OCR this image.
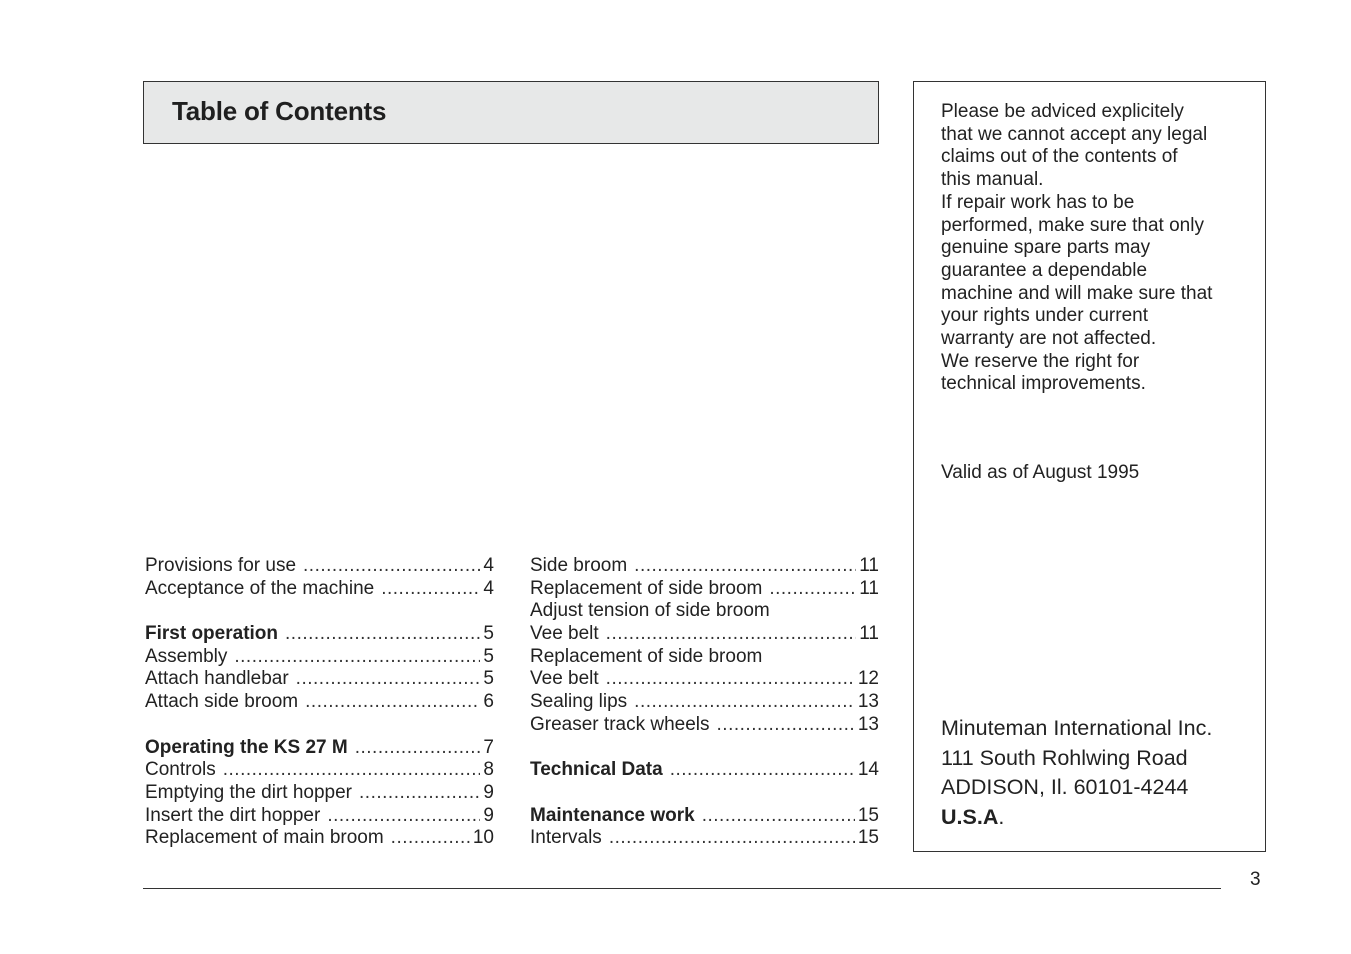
Table of Contents	Please be adviced explicitely
that we cannot accept any legal
claims out of the contents of
this manual.
If repair work has to be
performed, make sure that only
genuine spare parts may
guarantee a dependable
machine and will make sure that
your rights under current
warranty are not affected.
We reserve the right for
technical improvements.

Valid as of August 1995

Minuteman International Inc.
111 South Rohlwing Road
ADDISON, Il. 60101-4244
U.S.A.

Provisions for use .....	4
Acceptance of the machine .....	4
First operation .....	5
Assembly .....	5
Attach handlebar .....	5
Attach side broom .....	6
Operating the KS 27 M .....	7
Controls .....	8
Emptying the dirt hopper .....	9
Insert the dirt hopper .....	9
Replacement of main broom .....	10
Side broom .....	11
Replacement of side broom .....	11
Adjust tension of side broom
Vee belt .....	11
Replacement of side broom
Vee belt .....	12
Sealing lips .....	13
Greaser track wheels .....	13
Technical Data .....	14
Maintenance work .....	15
Intervals .....	15

3
